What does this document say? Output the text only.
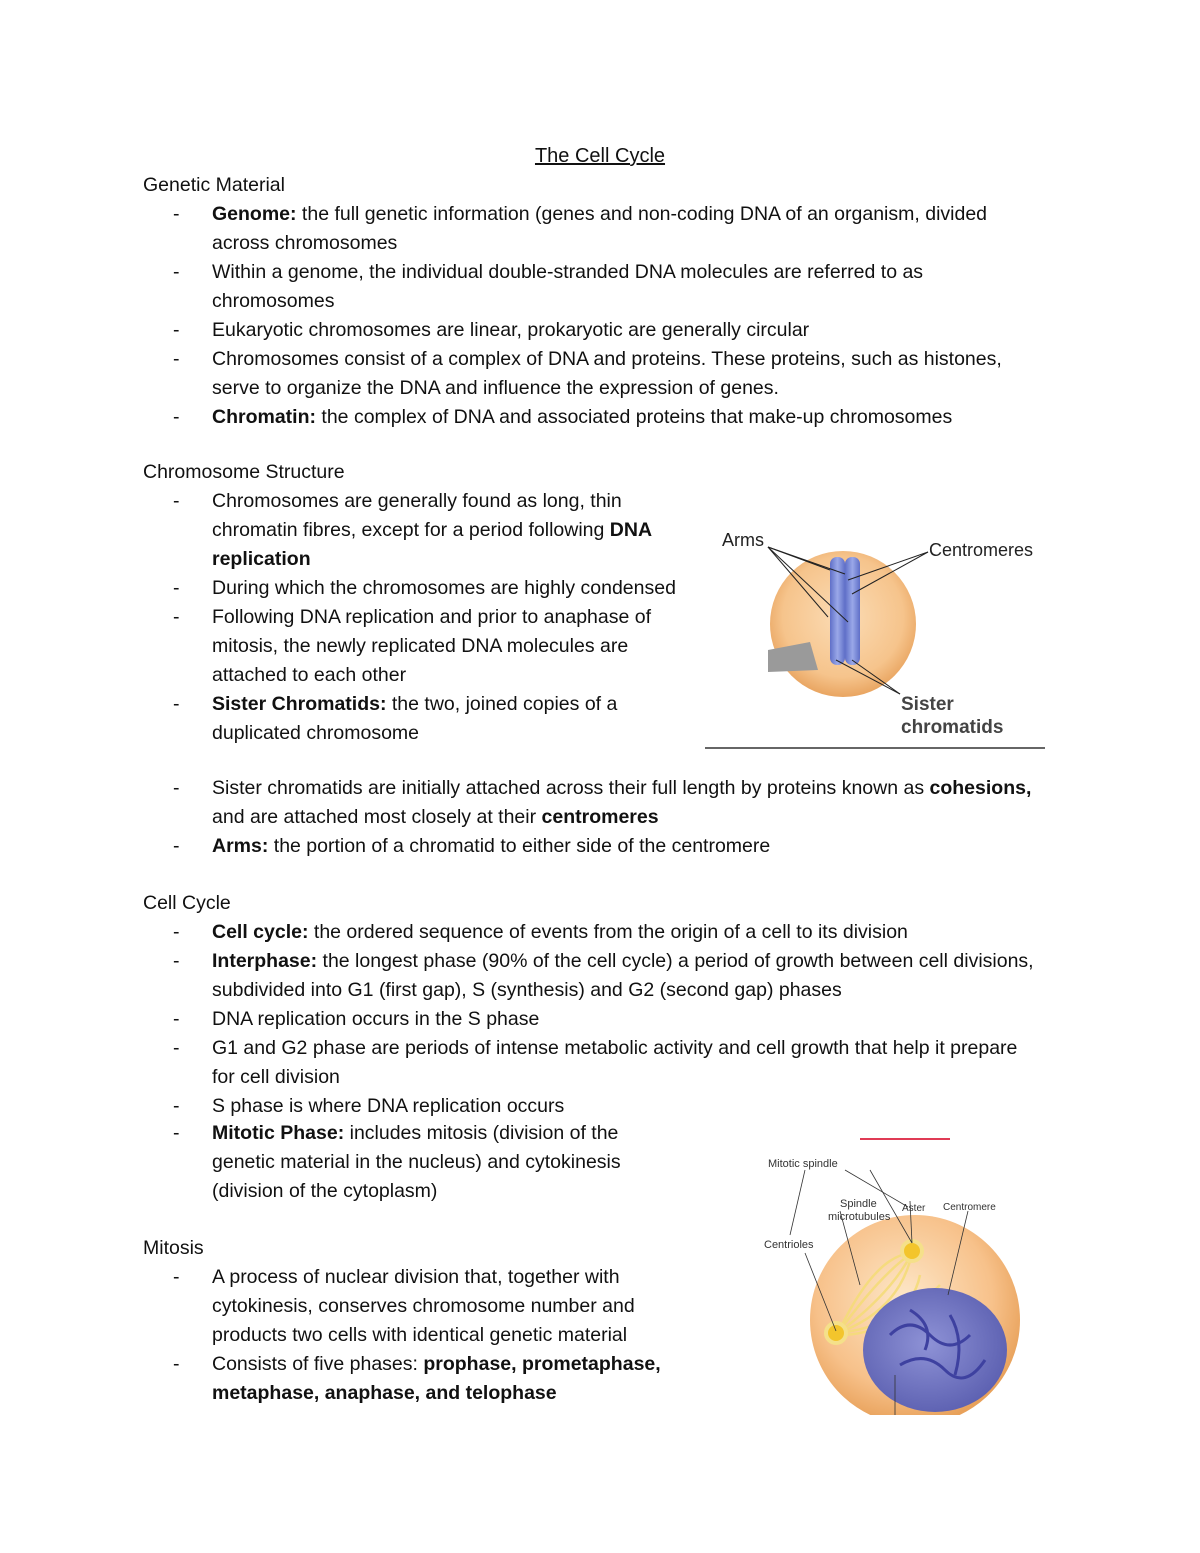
The Cell Cycle
Genetic Material
- Genome: the full genetic information (genes and non-coding DNA of an organism, divided across chromosomes
- Within a genome, the individual double-stranded DNA molecules are referred to as chromosomes
- Eukaryotic chromosomes are linear, prokaryotic are generally circular
- Chromosomes consist of a complex of DNA and proteins. These proteins, such as histones, serve to organize the DNA and influence the expression of genes.
- Chromatin: the complex of DNA and associated proteins that make-up chromosomes
Chromosome Structure
- Chromosomes are generally found as long, thin chromatin fibres, except for a period following DNA replication
- During which the chromosomes are highly condensed
- Following DNA replication and prior to anaphase of mitosis, the newly replicated DNA molecules are attached to each other
- Sister Chromatids: the two, joined copies of a duplicated chromosome
- Sister chromatids are initially attached across their full length by proteins known as cohesions, and are attached most closely at their centromeres
- Arms: the portion of a chromatid to either side of the centromere
Arms	Centromeres
Sister
chromatids
Cell Cycle
- Cell cycle: the ordered sequence of events from the origin of a cell to its division
- Interphase: the longest phase (90% of the cell cycle) a period of growth between cell divisions, subdivided into G1 (first gap), S (synthesis) and G2 (second gap) phases
- DNA replication occurs in the S phase
- G1 and G2 phase are periods of intense metabolic activity and cell growth that help it prepare for cell division
- S phase is where DNA replication occurs
- Mitotic Phase: includes mitosis (division of the genetic material in the nucleus) and cytokinesis (division of the cytoplasm)
Mitosis
- A process of nuclear division that, together with cytokinesis, conserves chromosome number and products two cells with identical genetic material
- Consists of five phases: prophase, prometaphase, metaphase, anaphase, and telophase
Mitotic spindle
Spindle
microtubules
Aster Centromere
Centrioles
